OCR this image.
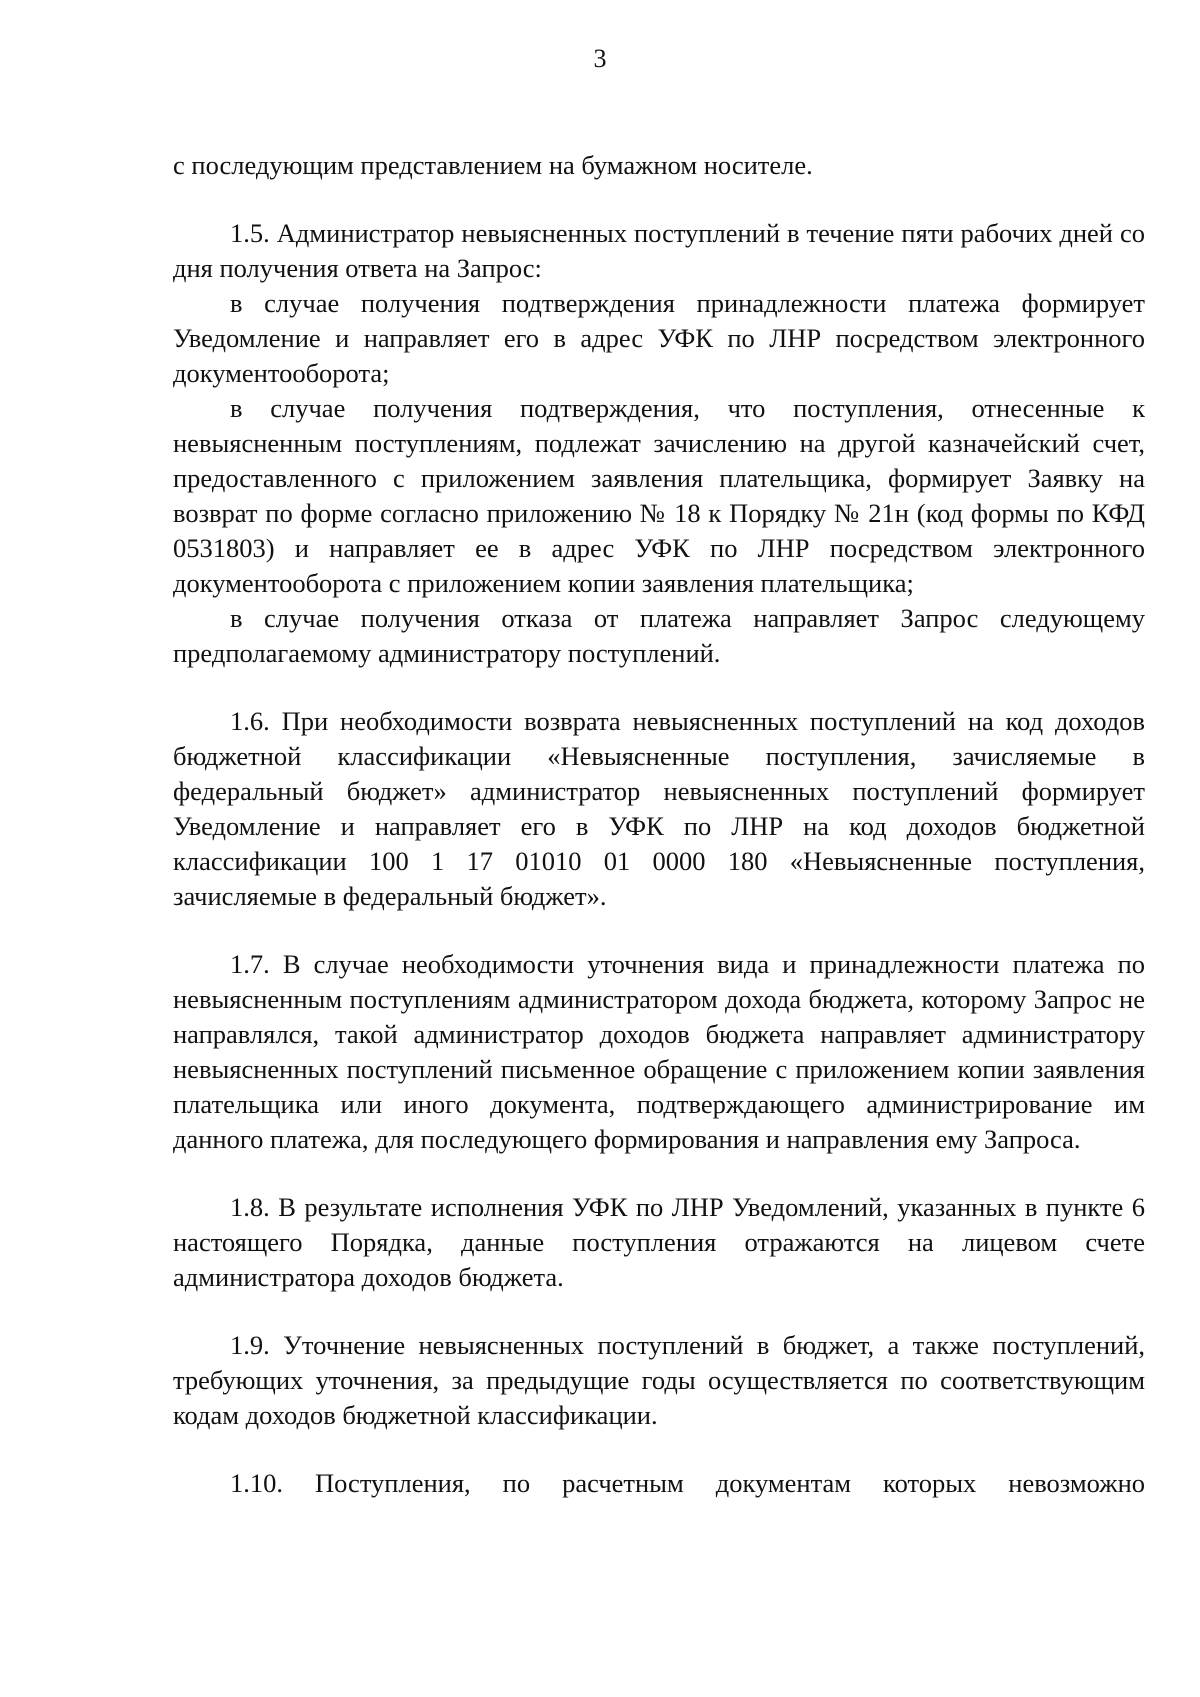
3

с последующим представлением на бумажном носителе.

1.5. Администратор невыясненных поступлений в течение пяти рабочих дней со дня получения ответа на Запрос:

в случае получения подтверждения принадлежности платежа формирует Уведомление и направляет его в адрес УФК по ЛНР посредством электронного документооборота;

в случае получения подтверждения, что поступления, отнесенные к невыясненным поступлениям, подлежат зачислению на другой казначейский счет, предоставленного с приложением заявления плательщика, формирует Заявку на возврат по форме согласно приложению № 18 к Порядку № 21н (код формы по КФД 0531803) и направляет ее в адрес УФК по ЛНР посредством электронного документооборота с приложением копии заявления плательщика;

в случае получения отказа от платежа направляет Запрос следующему предполагаемому администратору поступлений.

1.6. При необходимости возврата невыясненных поступлений на код доходов бюджетной классификации «Невыясненные поступления, зачисляемые в федеральный бюджет» администратор невыясненных поступлений формирует Уведомление и направляет его в УФК по ЛНР на код доходов бюджетной классификации 100 1 17 01010 01 0000 180 «Невыясненные поступления, зачисляемые в федеральный бюджет».

1.7. В случае необходимости уточнения вида и принадлежности платежа по невыясненным поступлениям администратором дохода бюджета, которому Запрос не направлялся, такой администратор доходов бюджета направляет администратору невыясненных поступлений письменное обращение с приложением копии заявления плательщика или иного документа, подтверждающего администрирование им данного платежа, для последующего формирования и направления ему Запроса.

1.8. В результате исполнения УФК по ЛНР Уведомлений, указанных в пункте 6 настоящего Порядка, данные поступления отражаются на лицевом счете администратора доходов бюджета.

1.9. Уточнение невыясненных поступлений в бюджет, а также поступлений, требующих уточнения, за предыдущие годы осуществляется по соответствующим кодам доходов бюджетной классификации.

1.10. Поступления, по расчетным документам которых невозможно
